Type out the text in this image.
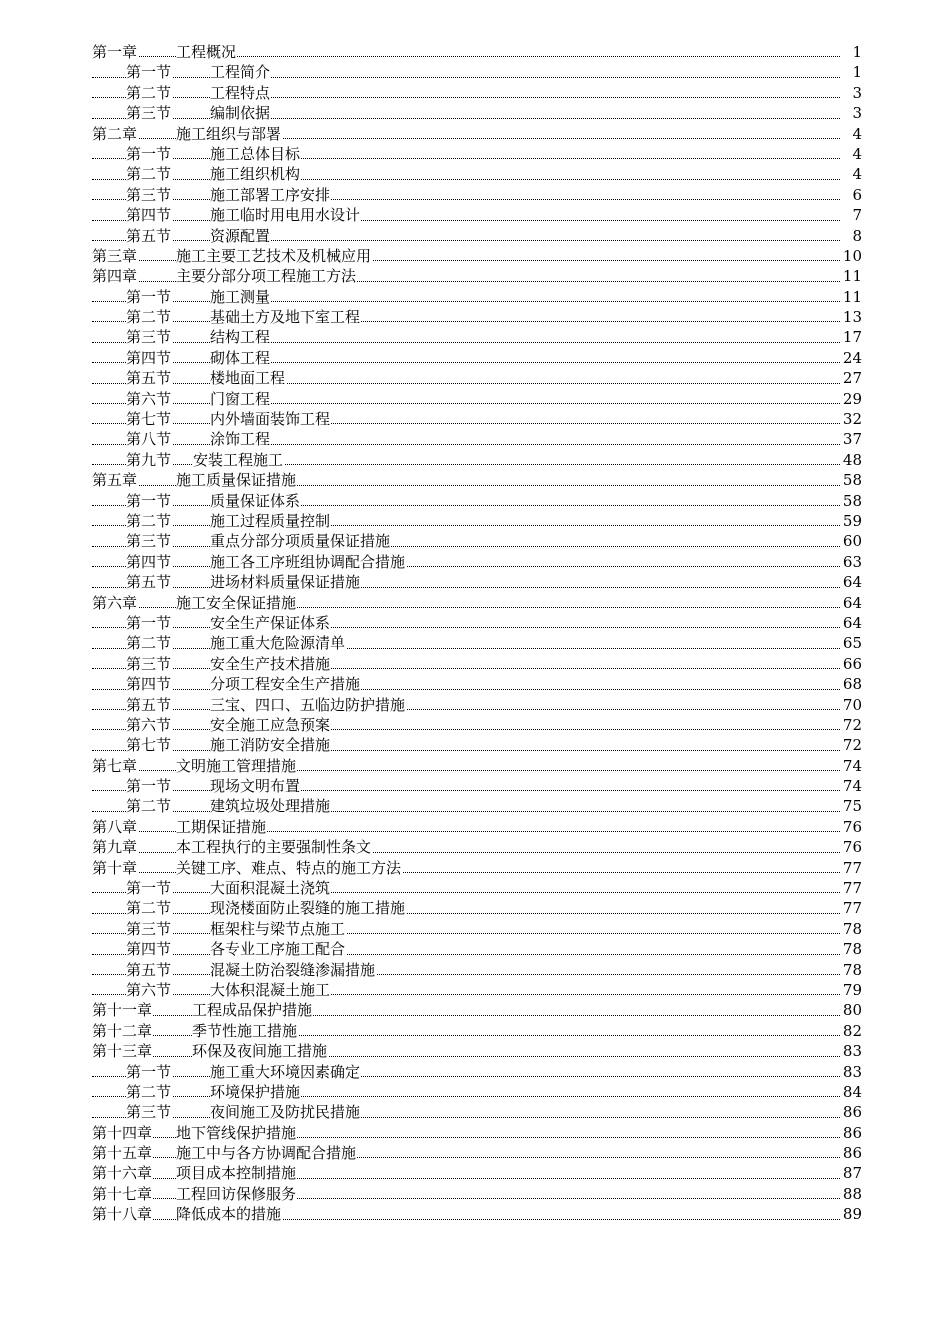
第一章	工程概况	1
第一节	工程简介	1
第二节	工程特点	3
第三节	编制依据	3
第二章	施工组织与部署	4
第一节	施工总体目标	4
第二节	施工组织机构	4
第三节	施工部署工序安排	6
第四节	施工临时用电用水设计	7
第五节	资源配置	8
第三章	施工主要工艺技术及机械应用	10
第四章	主要分部分项工程施工方法	11
第一节	施工测量	11
第二节	基础土方及地下室工程	13
第三节	结构工程	17
第四节	砌体工程	24
第五节	楼地面工程	27
第六节	门窗工程	29
第七节	内外墙面装饰工程	32
第八节	涂饰工程	37
第九节 安装工程施工	48
第五章	施工质量保证措施	58
第一节	质量保证体系	58
第二节	施工过程质量控制	59
第三节	重点分部分项质量保证措施	60
第四节	施工各工序班组协调配合措施	63
第五节	进场材料质量保证措施	64
第六章	施工安全保证措施	64
第一节	安全生产保证体系	64
第二节	施工重大危险源清单	65
第三节	安全生产技术措施	66
第四节	分项工程安全生产措施	68
第五节	三宝、四口、五临边防护措施	70
第六节	安全施工应急预案	72
第七节	施工消防安全措施	72
第七章	文明施工管理措施	74
第一节	现场文明布置	74
第二节	建筑垃圾处理措施	75
第八章	工期保证措施	76
第九章	本工程执行的主要强制性条文	76
第十章	关键工序、难点、特点的施工方法	77
第一节	大面积混凝土浇筑	77
第二节	现浇楼面防止裂缝的施工措施	77
第三节	框架柱与梁节点施工	78
第四节	各专业工序施工配合	78
第五节	混凝土防治裂缝渗漏措施	78
第六节	大体积混凝土施工	79
第十一章	工程成品保护措施	80
第十二章	季节性施工措施	82
第十三章	环保及夜间施工措施	83
第一节	施工重大环境因素确定	83
第二节	环境保护措施	84
第三节	夜间施工及防扰民措施	86
第十四章 地下管线保护措施	86
第十五章 施工中与各方协调配合措施	86
第十六章 项目成本控制措施	87
第十七章 工程回访保修服务	88
第十八章 降低成本的措施	89
